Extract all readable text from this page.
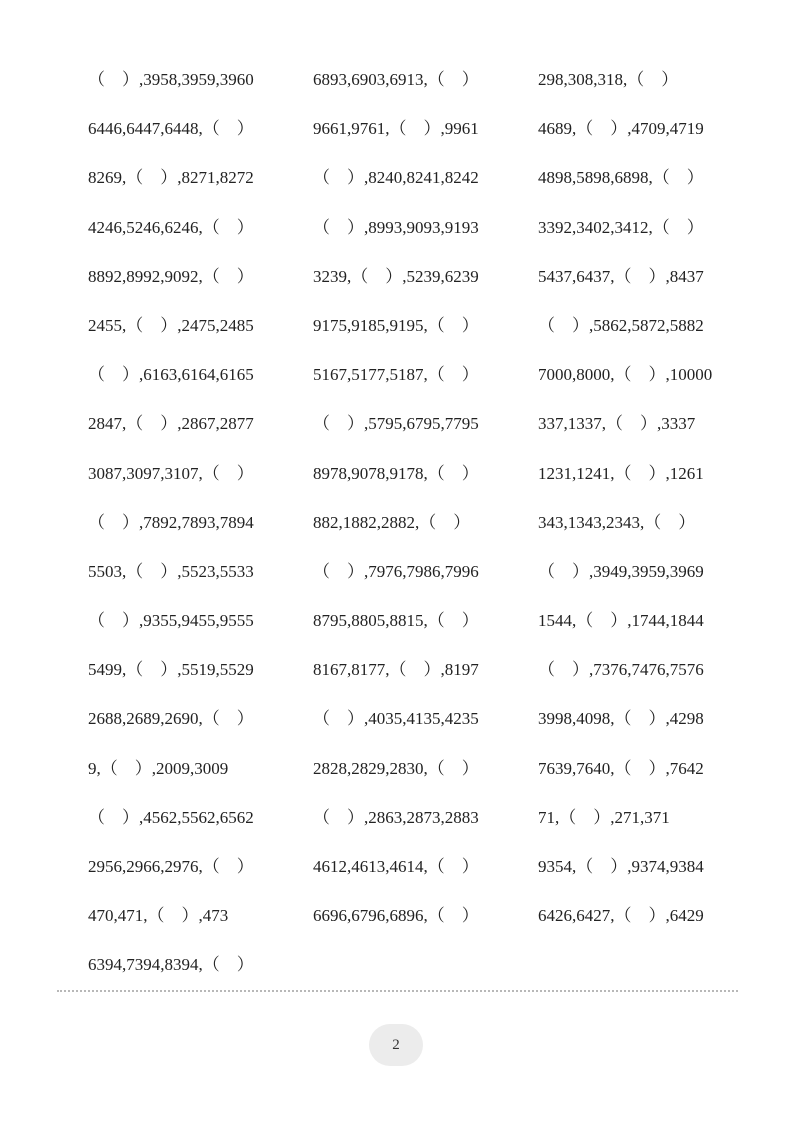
（　）,3958,3959,3960	6893,6903,6913,（　）	298,308,318,（　）
6446,6447,6448,（　）	9661,9761,（　）,9961	4689,（　）,4709,4719
8269,（　）,8271,8272	（　）,8240,8241,8242	4898,5898,6898,（　）
4246,5246,6246,（　）	（　）,8993,9093,9193	3392,3402,3412,（　）
8892,8992,9092,（　）	3239,（　）,5239,6239	5437,6437,（　）,8437
2455,（　）,2475,2485	9175,9185,9195,（　）	（　）,5862,5872,5882
（　）,6163,6164,6165	5167,5177,5187,（　）	7000,8000,（　）,10000
2847,（　）,2867,2877	（　）,5795,6795,7795	337,1337,（　）,3337
3087,3097,3107,（　）	8978,9078,9178,（　）	1231,1241,（　）,1261
（　）,7892,7893,7894	882,1882,2882,（　）	343,1343,2343,（　）
5503,（　）,5523,5533	（　）,7976,7986,7996	（　）,3949,3959,3969
（　）,9355,9455,9555	8795,8805,8815,（　）	1544,（　）,1744,1844
5499,（　）,5519,5529	8167,8177,（　）,8197	（　）,7376,7476,7576
2688,2689,2690,（　）	（　）,4035,4135,4235	3998,4098,（　）,4298
9,（　）,2009,3009	2828,2829,2830,（　）	7639,7640,（　）,7642
（　）,4562,5562,6562	（　）,2863,2873,2883	71,（　）,271,371
2956,2966,2976,（　）	4612,4613,4614,（　）	9354,（　）,9374,9384
470,471,（　）,473	6696,6796,6896,（　）	6426,6427,（　）,6429
6394,7394,8394,（　）
2
